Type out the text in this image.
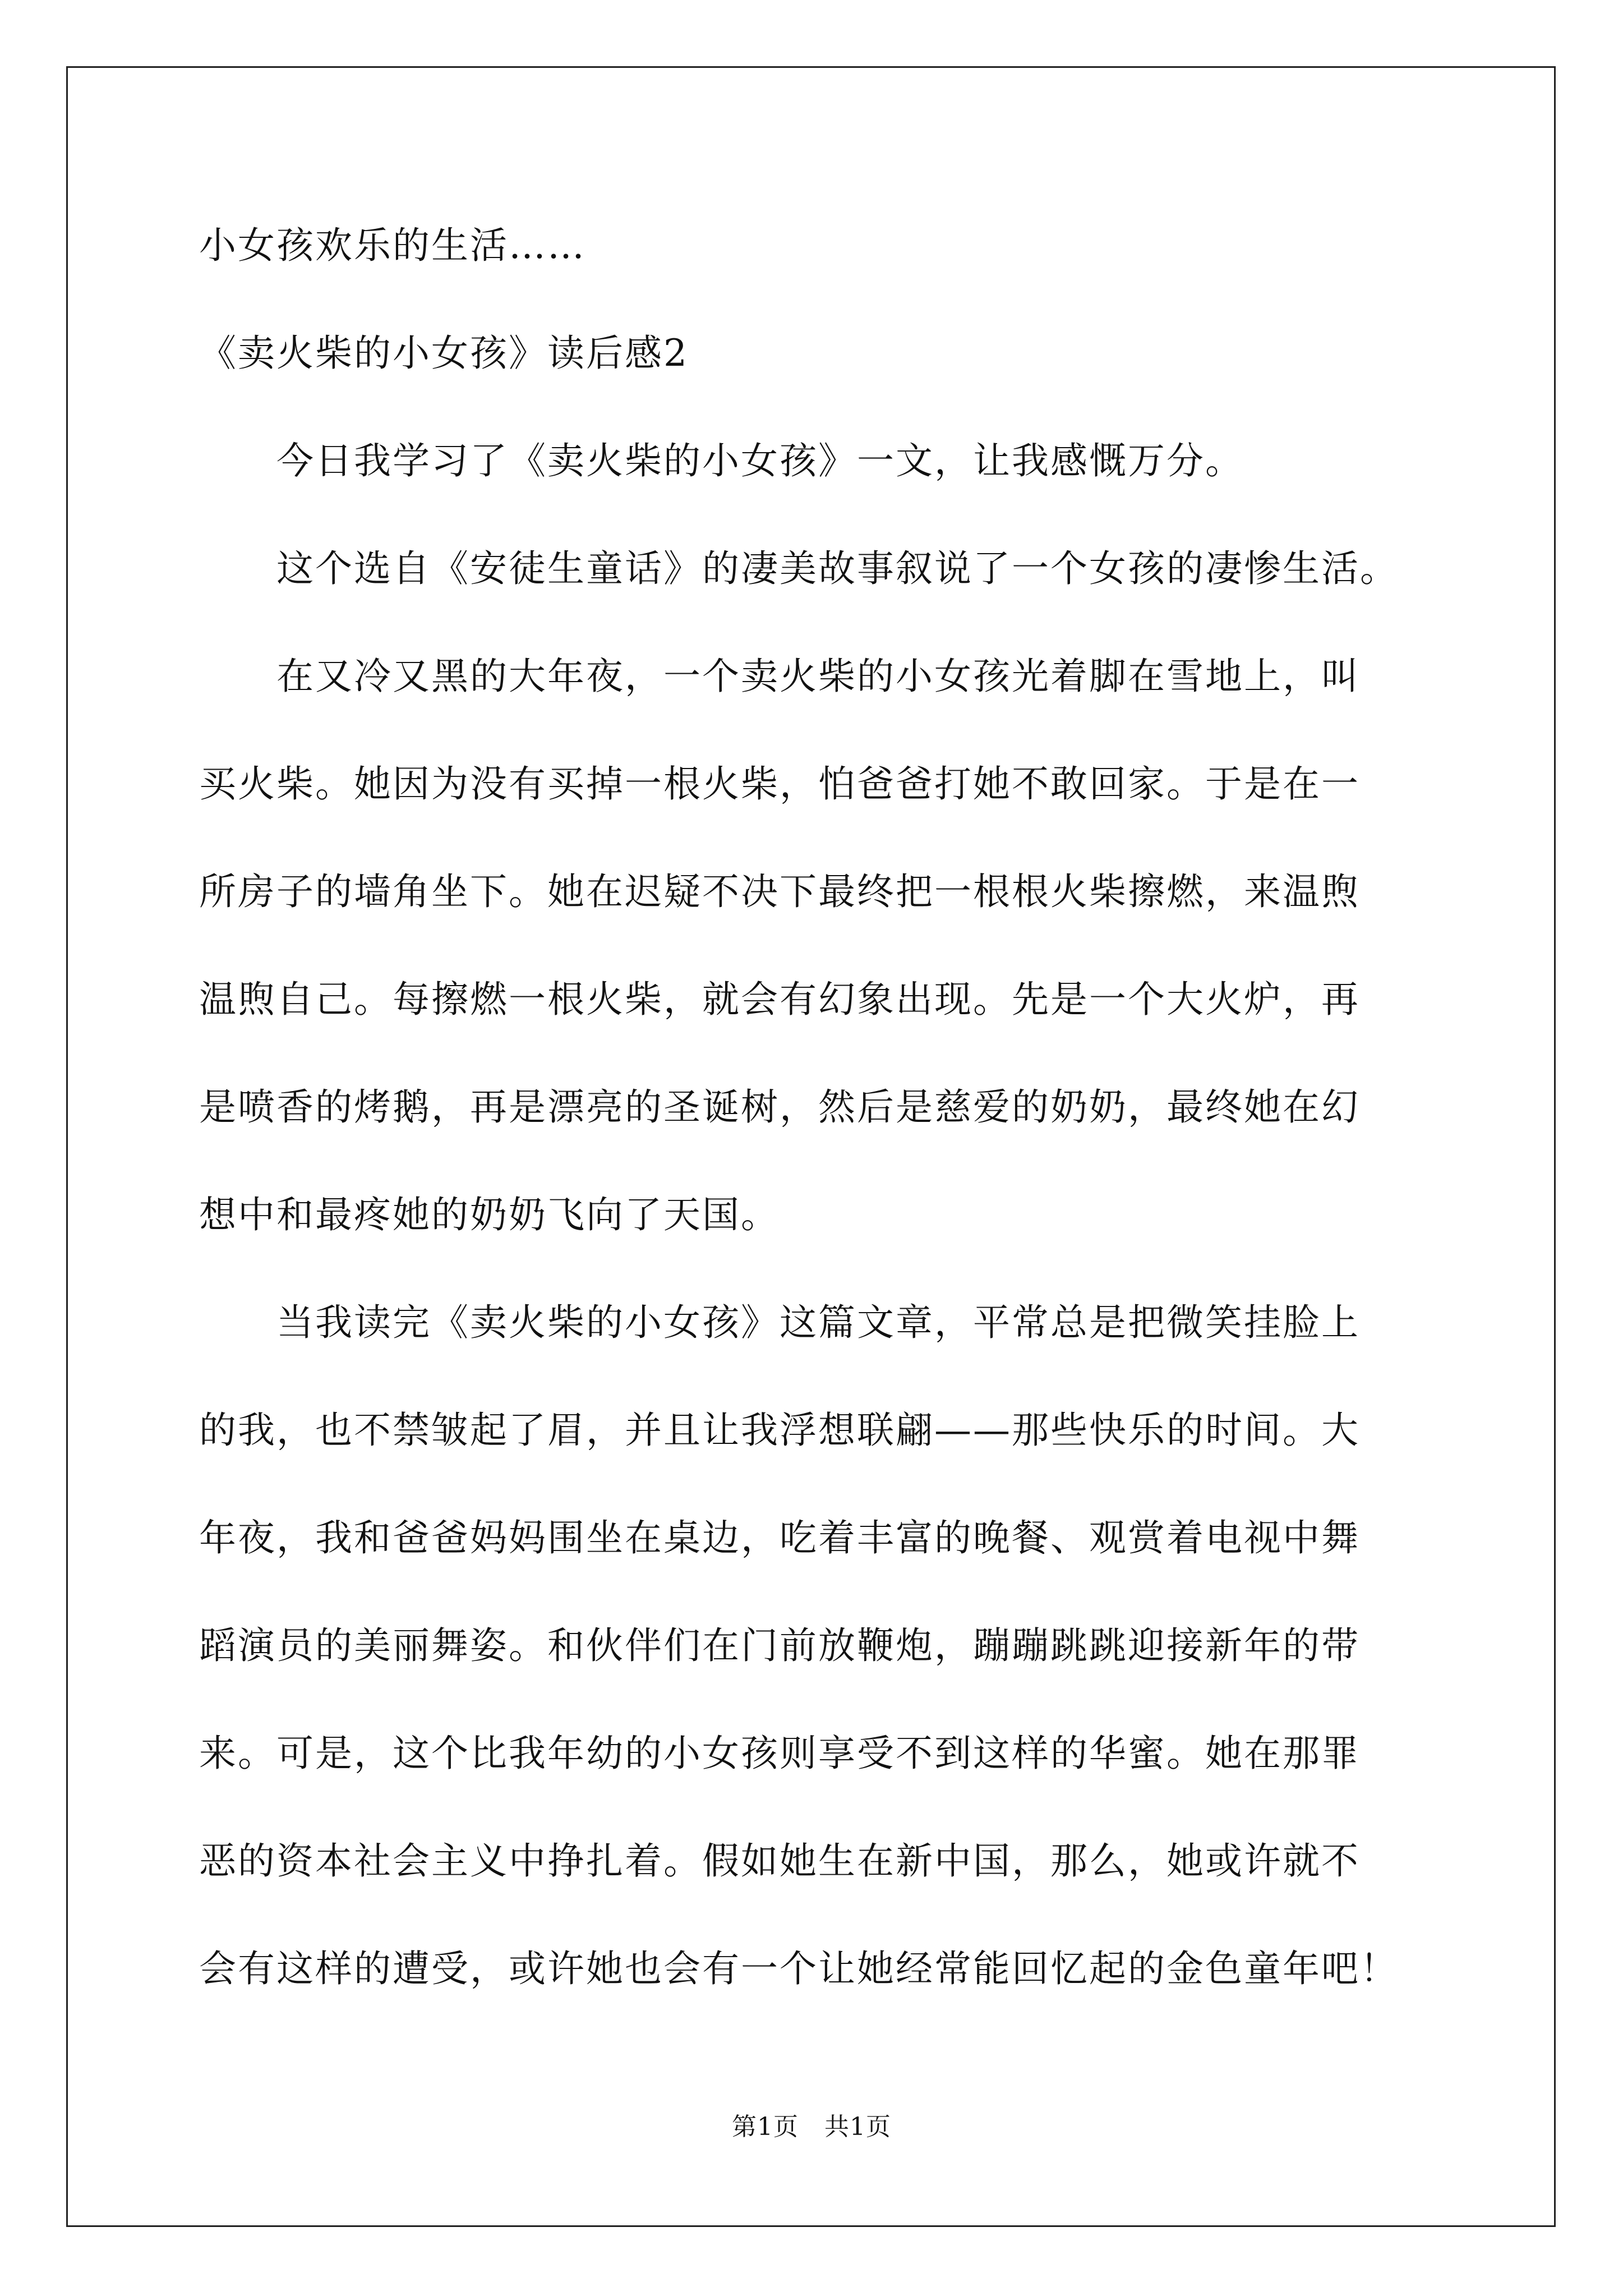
小女孩欢乐的生活……

《卖火柴的小女孩》读后感2

　　今日我学习了《卖火柴的小女孩》一文，让我感慨万分。

　　这个选自《安徒生童话》的凄美故事叙说了一个女孩的凄惨生活。

　　在又冷又黑的大年夜，一个卖火柴的小女孩光着脚在雪地上，叫

买火柴。她因为没有买掉一根火柴，怕爸爸打她不敢回家。于是在一

所房子的墙角坐下。她在迟疑不决下最终把一根根火柴擦燃，来温煦

温煦自己。每擦燃一根火柴，就会有幻象出现。先是一个大火炉，再

是喷香的烤鹅，再是漂亮的圣诞树，然后是慈爱的奶奶，最终她在幻

想中和最疼她的奶奶飞向了天国。

　　当我读完《卖火柴的小女孩》这篇文章，平常总是把微笑挂脸上

的我，也不禁皱起了眉，并且让我浮想联翩——那些快乐的时间。大

年夜，我和爸爸妈妈围坐在桌边，吃着丰富的晚餐、观赏着电视中舞

蹈演员的美丽舞姿。和伙伴们在门前放鞭炮，蹦蹦跳跳迎接新年的带

来。可是，这个比我年幼的小女孩则享受不到这样的华蜜。她在那罪

恶的资本社会主义中挣扎着。假如她生在新中国，那么，她或许就不

会有这样的遭受，或许她也会有一个让她经常能回忆起的金色童年吧！

第1页 共1页
